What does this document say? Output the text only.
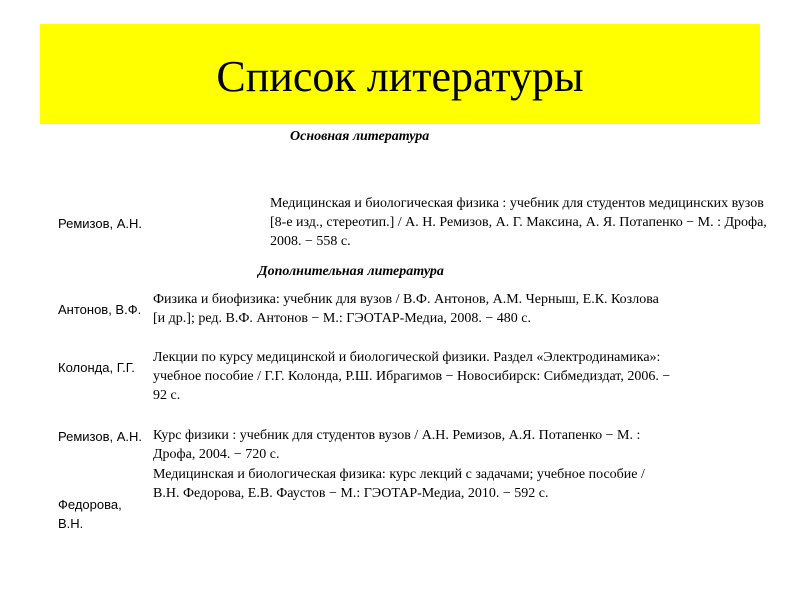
Список литературы
Основная литература
Ремизов, А.Н.
Медицинская и биологическая физика : учебник для студентов медицинских вузов [8-е изд., стереотип.] / А. Н. Ремизов, А. Г. Максина, А. Я. Потапенко − М. : Дрофа, 2008. − 558 с.
Дополнительная литература
Антонов, В.Ф.
Физика и биофизика: учебник для вузов / В.Ф. Антонов, А.М. Черныш, Е.К. Козлова [и др.]; ред. В.Ф. Антонов − М.: ГЭОТАР-Медиа, 2008. − 480 с.
Колонда, Г.Г.
Лекции по курсу медицинской и биологической физики. Раздел «Электродинамика»: учебное пособие / Г.Г. Колонда, Р.Ш. Ибрагимов − Новосибирск: Сибмедиздат, 2006. − 92 с.
Ремизов, А.Н. Курс физики : учебник для студентов вузов / А.Н. Ремизов, А.Я. Потапенко − М. : Дрофа, 2004. − 720 с.
Федорова, В.Н.
Медицинская и биологическая физика: курс лекций с задачами; учебное пособие / В.Н. Федорова, Е.В. Фаустов − М.: ГЭОТАР-Медиа, 2010. − 592 с.
